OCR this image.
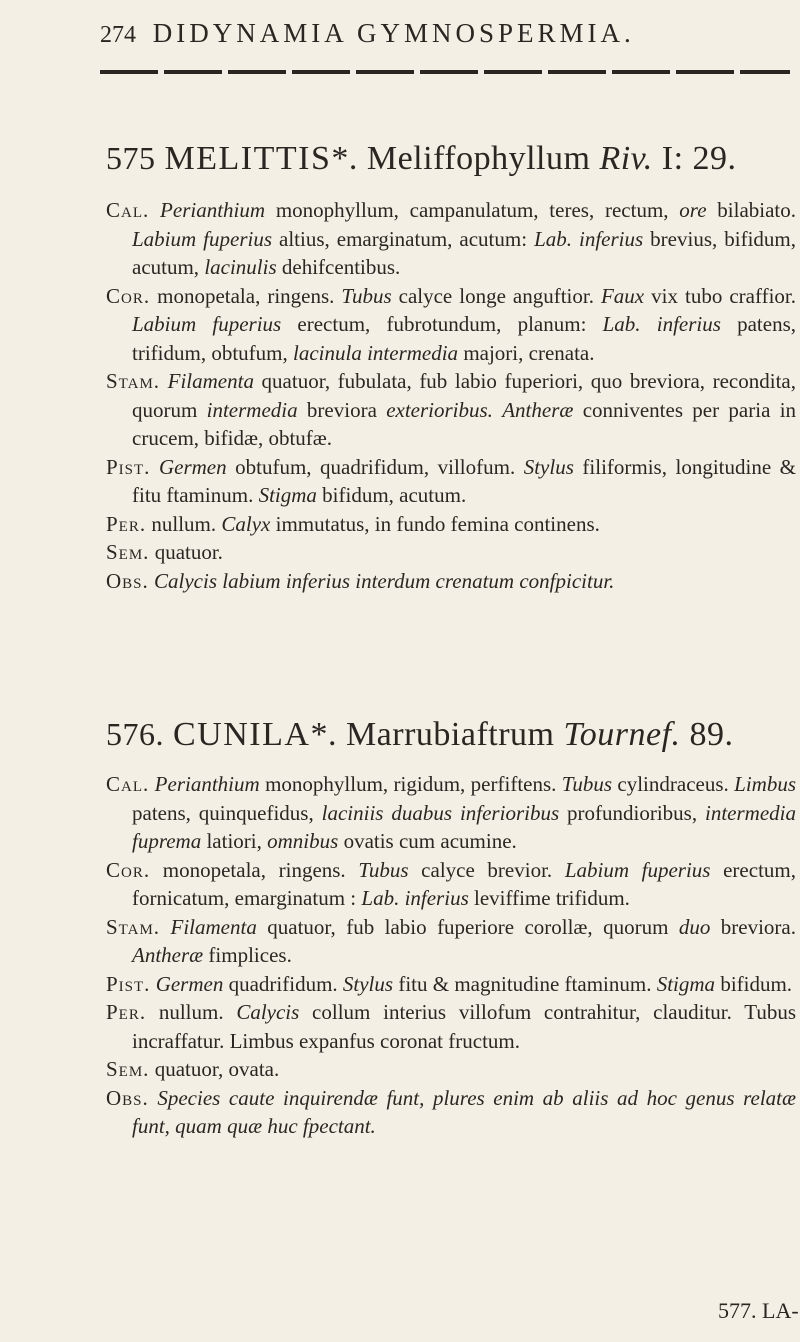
274 DIDYNAMIA GYMNOSPERMIA.
575 MELITTIS*. Meliffophyllum Riv. I: 29.
Cal. Perianthium monophyllum, campanulatum, teres, rectum, ore bilabiato. Labium fuperius altius, emarginatum, acutum: Lab. inferius brevius, bifidum, acutum, lacinulis dehifcentibus.
Cor. monopetala, ringens. Tubus calyce longe anguftior. Faux vix tubo craffior. Labium fuperius erectum, fubrotundum, planum: Lab. inferius patens, trifidum, obtufum, lacinula intermedia majori, crenata.
Stam. Filamenta quatuor, fubulata, fub labio fuperiori, quo breviora, recondita, quorum intermedia breviora exterioribus. Antheræ conniventes per paria in crucem, bifidæ, obtufæ.
Pist. Germen obtufum, quadrifidum, villofum. Stylus filiformis, longitudine & fitu ftaminum. Stigma bifidum, acutum.
Per. nullum. Calyx immutatus, in fundo femina continens.
Sem. quatuor.
Obs. Calycis labium inferius interdum crenatum confpicitur.
576. CUNILA*. Marrubiaftrum Tournef. 89.
Cal. Perianthium monophyllum, rigidum, perfiftens. Tubus cylindraceus. Limbus patens, quinquefidus, laciniis duabus inferioribus profundioribus, intermedia fuprema latiori, omnibus ovatis cum acumine.
Cor. monopetala, ringens. Tubus calyce brevior. Labium fuperius erectum, fornicatum, emarginatum : Lab. inferius leviffime trifidum.
Stam. Filamenta quatuor, fub labio fuperiore corollæ, quorum duo breviora. Antheræ fimplices.
Pist. Germen quadrifidum. Stylus fitu & magnitudine ftaminum. Stigma bifidum.
Per. nullum. Calycis collum interius villofum contrahitur, clauditur. Tubus incraffatur. Limbus expanfus coronat fructum.
Sem. quatuor, ovata.
Obs. Species caute inquirendæ funt, plures enim ab aliis ad hoc genus relatæ funt, quam quæ huc fpectant.
577. LA-
